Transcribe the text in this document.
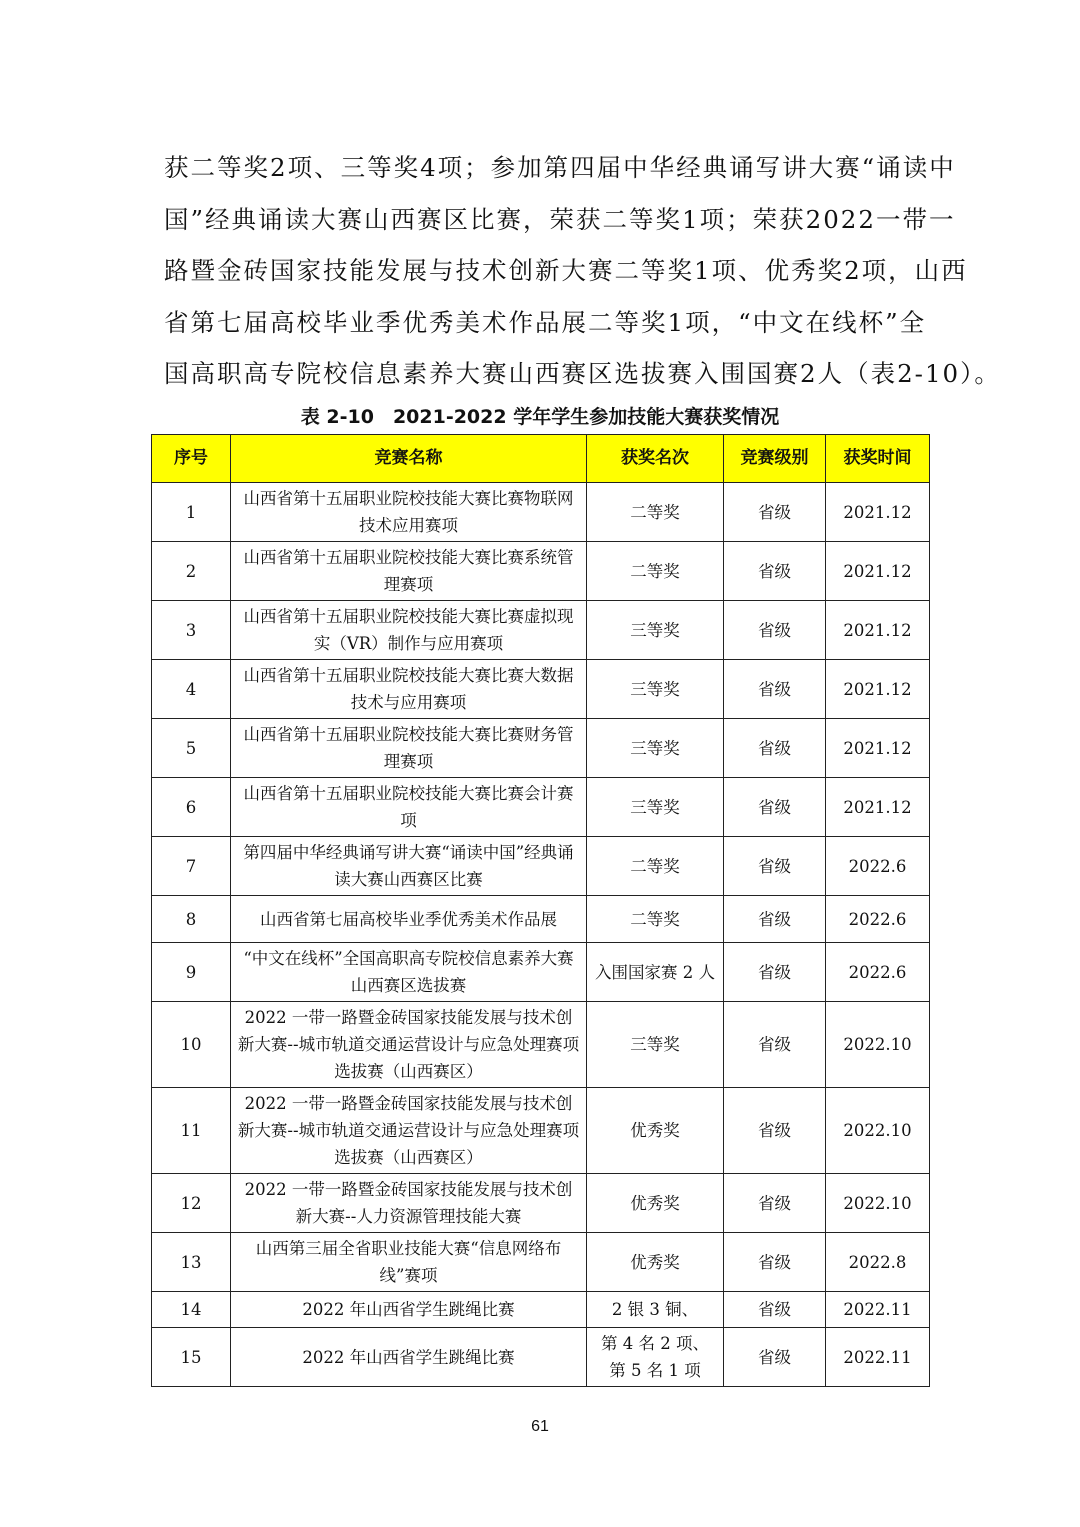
获二等奖2项、三等奖4项；参加第四届中华经典诵写讲大赛“诵读中

国”经典诵读大赛山西赛区比赛，荣获二等奖1项；荣获2022一带一

路暨金砖国家技能发展与技术创新大赛二等奖1项、优秀奖2项，山西

省第七届高校毕业季优秀美术作品展二等奖1项，“中文在线杯”全

国高职高专院校信息素养大赛山西赛区选拔赛入围国赛2人（表2-10）。

表 2-10　2021-2022 学年学生参加技能大赛获奖情况
序号	竞赛名称	获奖名次	竞赛级别	获奖时间
1	山西省第十五届职业院校技能大赛比赛物联网技术应用赛项	二等奖	省级	2021.12
2	山西省第十五届职业院校技能大赛比赛系统管理赛项	二等奖	省级	2021.12
3	山西省第十五届职业院校技能大赛比赛虚拟现实（VR）制作与应用赛项	三等奖	省级	2021.12
4	山西省第十五届职业院校技能大赛比赛大数据技术与应用赛项	三等奖	省级	2021.12
5	山西省第十五届职业院校技能大赛比赛财务管理赛项	三等奖	省级	2021.12
6	山西省第十五届职业院校技能大赛比赛会计赛项	三等奖	省级	2021.12
7	第四届中华经典诵写讲大赛“诵读中国”经典诵读大赛山西赛区比赛	二等奖	省级	2022.6
8	山西省第七届高校毕业季优秀美术作品展	二等奖	省级	2022.6
9	“中文在线杯”全国高职高专院校信息素养大赛山西赛区选拔赛	入围国家赛 2 人	省级	2022.6
10	2022 一带一路暨金砖国家技能发展与技术创新大赛--城市轨道交通运营设计与应急处理赛项选拔赛（山西赛区）	三等奖	省级	2022.10
11	2022 一带一路暨金砖国家技能发展与技术创新大赛--城市轨道交通运营设计与应急处理赛项选拔赛（山西赛区）	优秀奖	省级	2022.10
12	2022 一带一路暨金砖国家技能发展与技术创新大赛--人力资源管理技能大赛	优秀奖	省级	2022.10
13	山西第三届全省职业技能大赛“信息网络布线”赛项	优秀奖	省级	2022.8
14	2022 年山西省学生跳绳比赛	2 银 3 铜、	省级	2022.11
15	2022 年山西省学生跳绳比赛	第 4 名 2 项、第 5 名 1 项	省级	2022.11
61
